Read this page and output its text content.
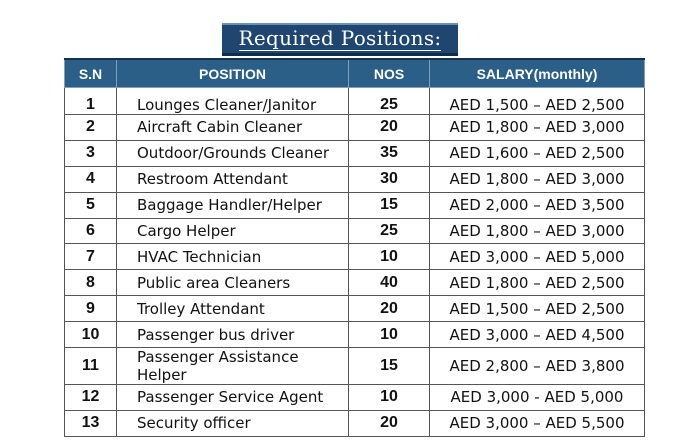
Required Positions:
S.N	POSITION	NOS	SALARY(monthly)
1	Lounges Cleaner/Janitor	25	AED 1,500 – AED 2,500
2	Aircraft Cabin Cleaner	20	AED 1,800 – AED 3,000
3	Outdoor/Grounds Cleaner	35	AED 1,600 – AED 2,500
4	Restroom Attendant	30	AED 1,800 – AED 3,000
5	Baggage Handler/Helper	15	AED 2,000 – AED 3,500
6	Cargo Helper	25	AED 1,800 – AED 3,000
7	HVAC Technician	10	AED 3,000 – AED 5,000
8	Public area Cleaners	40	AED 1,800 – AED 2,500
9	Trolley Attendant	20	AED 1,500 – AED 2,500
10	Passenger bus driver	10	AED 3,000 – AED 4,500
11	Passenger Assistance Helper	15	AED 2,800 – AED 3,800
12	Passenger Service Agent	10	AED 3,000 - AED 5,000
13	Security officer	20	AED 3,000 – AED 5,500
